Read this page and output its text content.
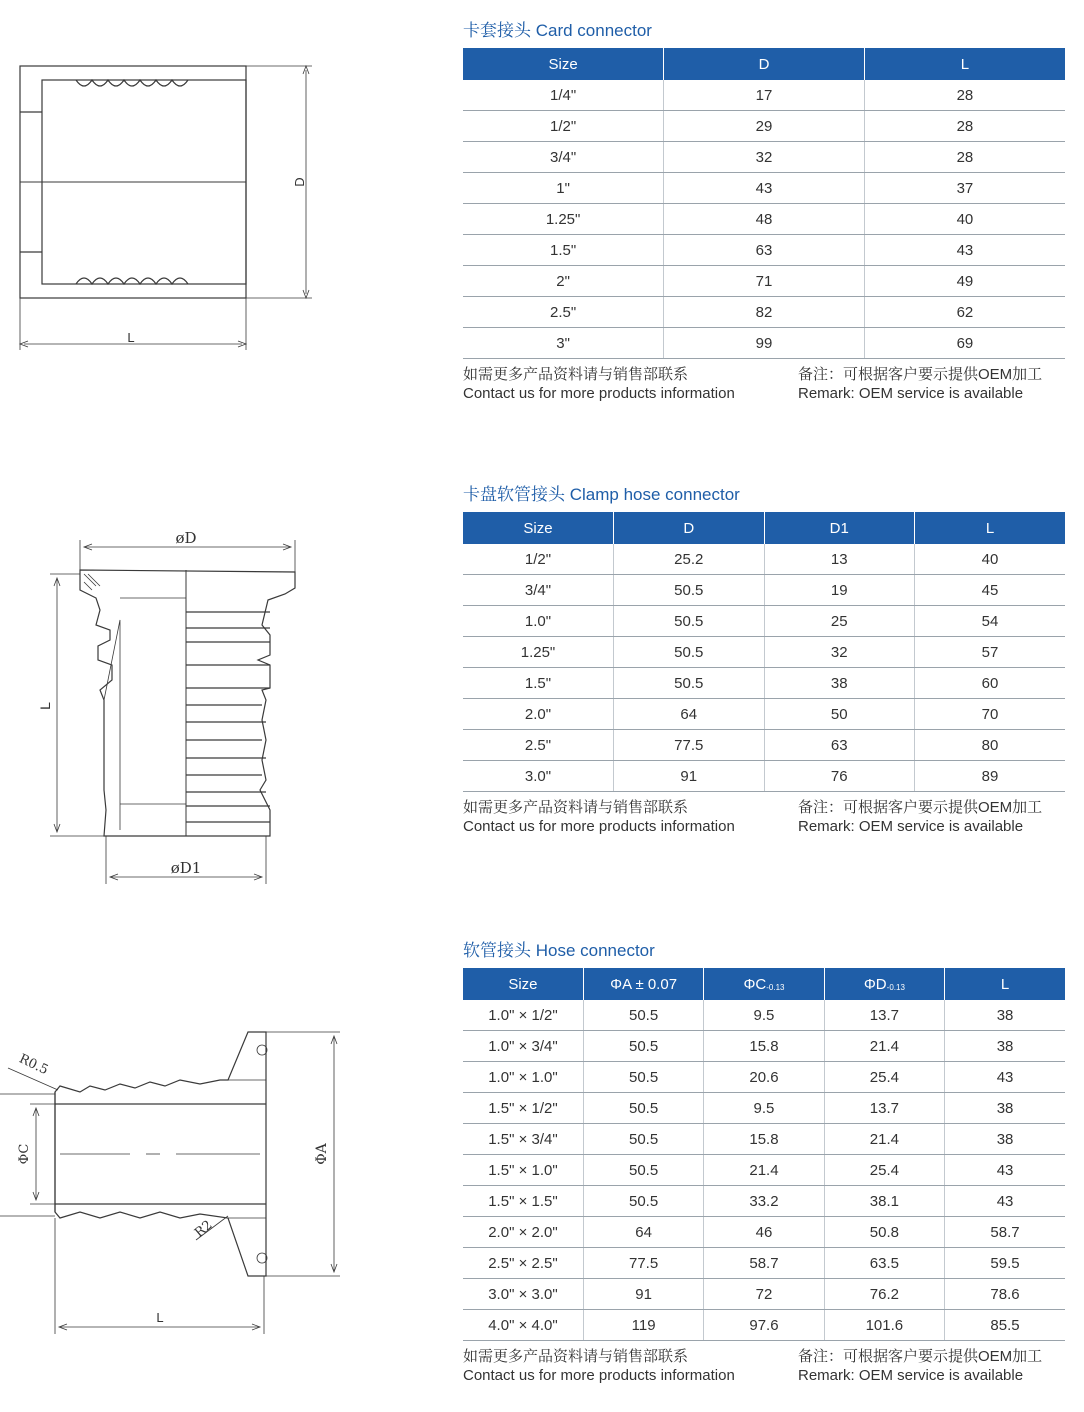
D
L
øD
øD1
L
R0.5
R2
ΦC	ΦA
L
卡套接头 Card connector
Size	D	L
1/4"	17	28
1/2"	29	28
3/4"	32	28
1"	43	37
1.25"	48	40
1.5"	63	43
2"	71	49
2.5"	82	62
3"	99	69
如需更多产品资料请与销售部联系
Contact us for more products information
备注：可根据客户要示提供OEM加工
Remark: OEM service is available
卡盘软管接头 Clamp hose connector
Size	D	D1	L
1/2"	25.2	13	40
3/4"	50.5	19	45
1.0"	50.5	25	54
1.25"	50.5	32	57
1.5"	50.5	38	60
2.0"	64	50	70
2.5"	77.5	63	80
3.0"	91	76	89
如需更多产品资料请与销售部联系
Contact us for more products information
备注：可根据客户要示提供OEM加工
Remark: OEM service is available
软管接头 Hose connector
Size	ΦA ± 0.07	ΦC-0.13	ΦD-0.13	L
1.0" × 1/2"	50.5	9.5	13.7	38
1.0" × 3/4"	50.5	15.8	21.4	38
1.0" × 1.0"	50.5	20.6	25.4	43
1.5" × 1/2"	50.5	9.5	13.7	38
1.5" × 3/4"	50.5	15.8	21.4	38
1.5" × 1.0"	50.5	21.4	25.4	43
1.5" × 1.5"	50.5	33.2	38.1	43
2.0" × 2.0"	64	46	50.8	58.7
2.5" × 2.5"	77.5	58.7	63.5	59.5
3.0" × 3.0"	91	72	76.2	78.6
4.0" × 4.0"	119	97.6	101.6	85.5
如需更多产品资料请与销售部联系
Contact us for more products information
备注：可根据客户要示提供OEM加工
Remark: OEM service is available
